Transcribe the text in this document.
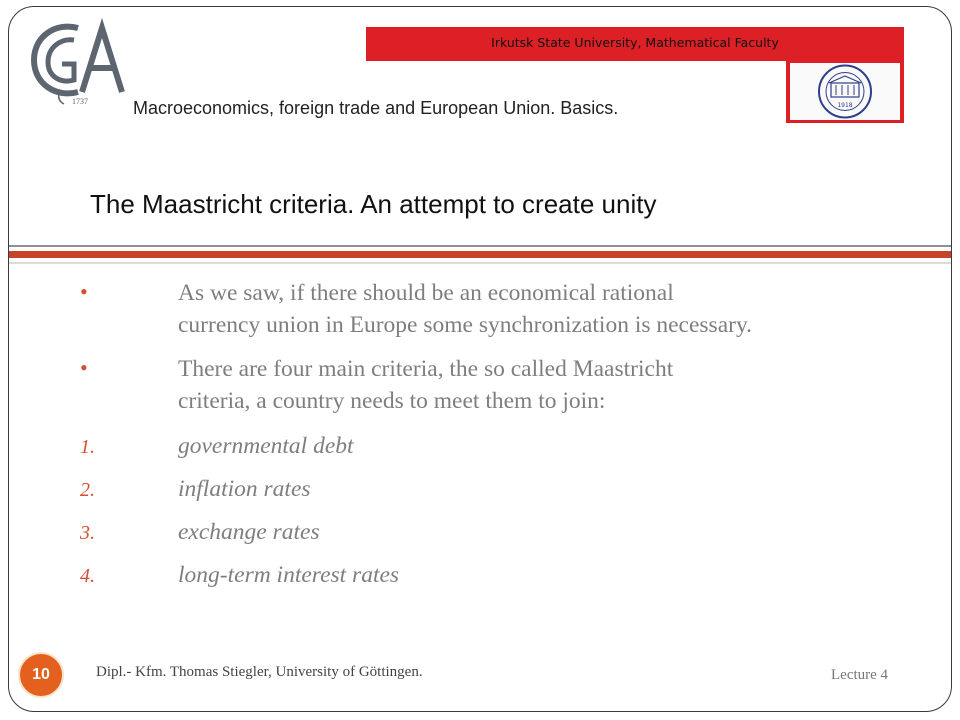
1737
Irkutsk State University, Mathematical Faculty
1918
Macroeconomics, foreign trade and European Union. Basics.
The Maastricht criteria. An attempt to create unity
•	As we saw, if there should be an economical rational
currency union in Europe some synchronization is necessary.
•	There are four main criteria, the so called Maastricht
criteria, a country needs to meet them to join:
1.	governmental debt
2.	inflation rates
3.	exchange rates
4.	long-term interest rates
10	Dipl.- Kfm. Thomas Stiegler, University of Göttingen.	Lecture 4
